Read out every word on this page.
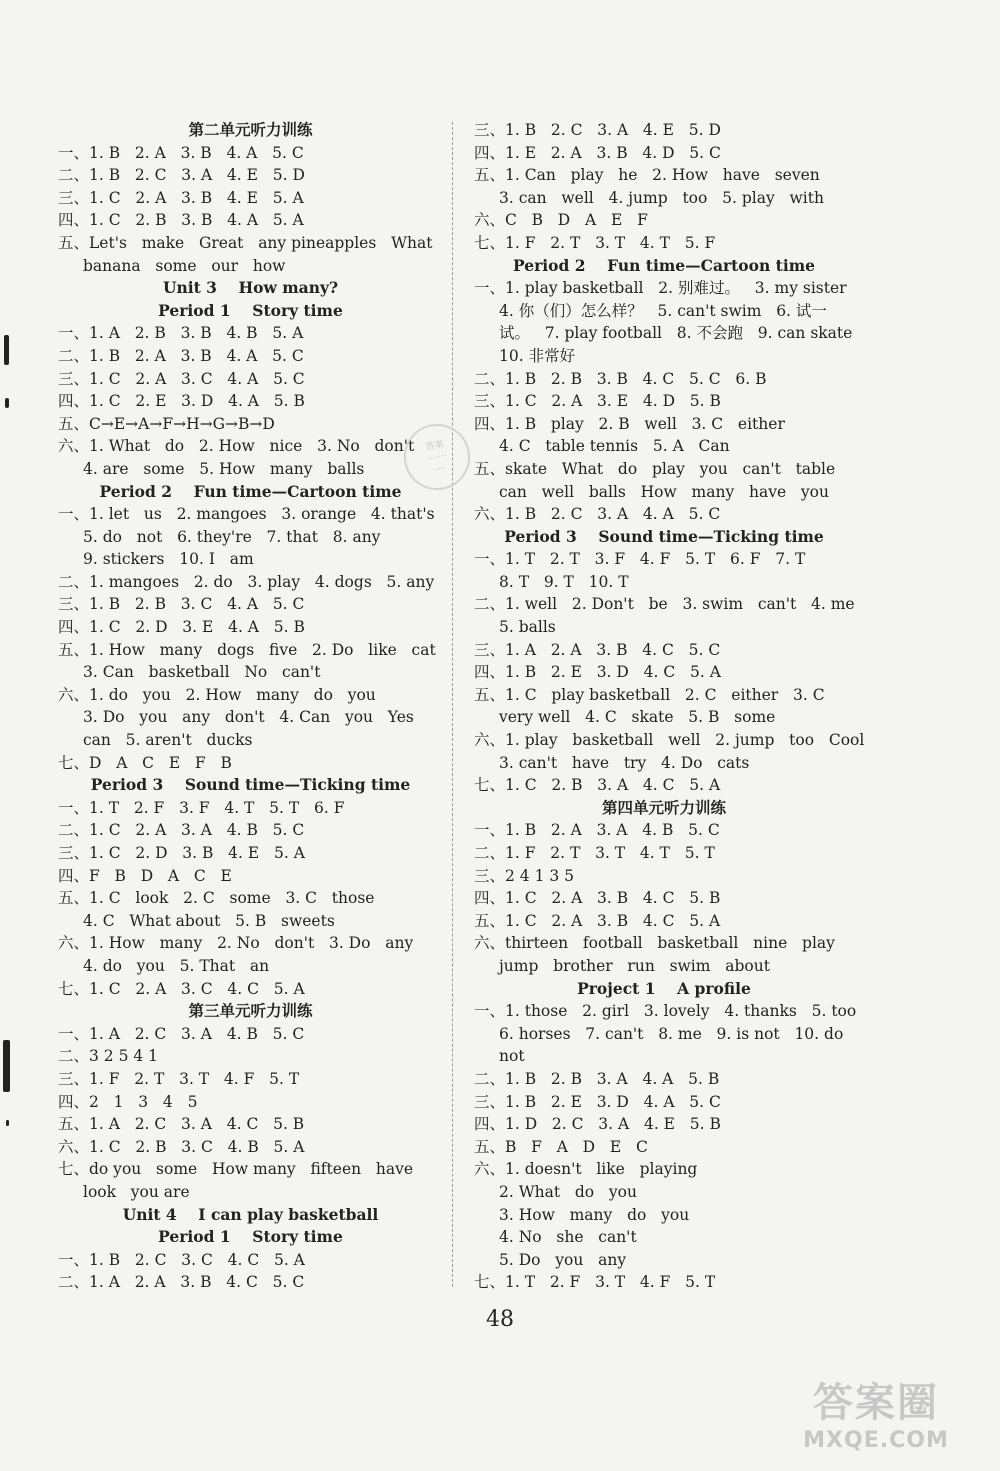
第二单元听力训练
一、1. B   2. A   3. B   4. A   5. C
二、1. B   2. C   3. A   4. E   5. D
三、1. C   2. A   3. B   4. E   5. A
四、1. C   2. B   3. B   4. A   5. A
五、Let's   make   Great   any pineapples   What
banana   some   our   how
Unit 3    How many?
Period 1    Story time
一、1. A   2. B   3. B   4. B   5. A
二、1. B   2. A   3. B   4. A   5. C
三、1. C   2. A   3. C   4. A   5. C
四、1. C   2. E   3. D   4. A   5. B
五、C→E→A→F→H→G→B→D
六、1. What   do   2. How   nice   3. No   don't
4. are   some   5. How   many   balls
Period 2    Fun time—Cartoon time
一、1. let   us   2. mangoes   3. orange   4. that's
5. do   not   6. they're   7. that   8. any
9. stickers   10. I   am
二、1. mangoes   2. do   3. play   4. dogs   5. any
三、1. B   2. B   3. C   4. A   5. C
四、1. C   2. D   3. E   4. A   5. B
五、1. How   many   dogs   five   2. Do   like   cat
3. Can   basketball   No   can't
六、1. do   you   2. How   many   do   you
3. Do   you   any   don't   4. Can   you   Yes
can   5. aren't   ducks
七、D   A   C   E   F   B
Period 3    Sound time—Ticking time
一、1. T   2. F   3. F   4. T   5. T   6. F
二、1. C   2. A   3. A   4. B   5. C
三、1. C   2. D   3. B   4. E   5. A
四、F   B   D   A   C   E
五、1. C   look   2. C   some   3. C   those
4. C   What about   5. B   sweets
六、1. How   many   2. No   don't   3. Do   any
4. do   you   5. That   an
七、1. C   2. A   3. C   4. C   5. A
第三单元听力训练
一、1. A   2. C   3. A   4. B   5. C
二、3 2 5 4 1
三、1. F   2. T   3. T   4. F   5. T
四、2   1   3   4   5
五、1. A   2. C   3. A   4. C   5. B
六、1. C   2. B   3. C   4. B   5. A
七、do you   some   How many   fifteen   have
look   you are
Unit 4    I can play basketball
Period 1    Story time
一、1. B   2. C   3. C   4. C   5. A
二、1. A   2. A   3. B   4. C   5. C
三、1. B   2. C   3. A   4. E   5. D
四、1. E   2. A   3. B   4. D   5. C
五、1. Can   play   he   2. How   have   seven
3. can   well   4. jump   too   5. play   with
六、C   B   D   A   E   F
七、1. F   2. T   3. T   4. T   5. F
Period 2    Fun time—Cartoon time
一、1. play basketball   2. 别难过。   3. my sister
4. 你（们）怎么样？   5. can't swim   6. 试一
试。   7. play football   8. 不会跑   9. can skate
10. 非常好
二、1. B   2. B   3. B   4. C   5. C   6. B
三、1. C   2. A   3. E   4. D   5. B
四、1. B   play   2. B   well   3. C   either
4. C   table tennis   5. A   Can
五、skate   What   do   play   you   can't   table
can   well   balls   How   many   have   you
六、1. B   2. C   3. A   4. A   5. C
Period 3    Sound time—Ticking time
一、1. T   2. T   3. F   4. F   5. T   6. F   7. T
8. T   9. T   10. T
二、1. well   2. Don't   be   3. swim   can't   4. me
5. balls
三、1. A   2. A   3. B   4. C   5. C
四、1. B   2. E   3. D   4. C   5. A
五、1. C   play basketball   2. C   either   3. C
very well   4. C   skate   5. B   some
六、1. play   basketball   well   2. jump   too   Cool
3. can't   have   try   4. Do   cats
七、1. C   2. B   3. A   4. C   5. A
第四单元听力训练
一、1. B   2. A   3. A   4. B   5. C
二、1. F   2. T   3. T   4. T   5. T
三、2 4 1 3 5
四、1. C   2. A   3. B   4. C   5. B
五、1. C   2. A   3. B   4. C   5. A
六、thirteen   football   basketball   nine   play
jump   brother   run   swim   about
Project 1    A profile
一、1. those   2. girl   3. lovely   4. thanks   5. too
6. horses   7. can't   8. me   9. is not   10. do
not
二、1. B   2. B   3. A   4. A   5. B
三、1. B   2. E   3. D   4. A   5. C
四、1. D   2. C   3. A   4. E   5. B
五、B   F   A   D   E   C
六、1. doesn't   like   playing
2. What   do   you
3. How   many   do   you
4. No   she   can't
5. Do   you   any
七、1. T   2. F   3. T   4. F   5. T
答案
·······
·····
48
答案圈
MXQE.COM
